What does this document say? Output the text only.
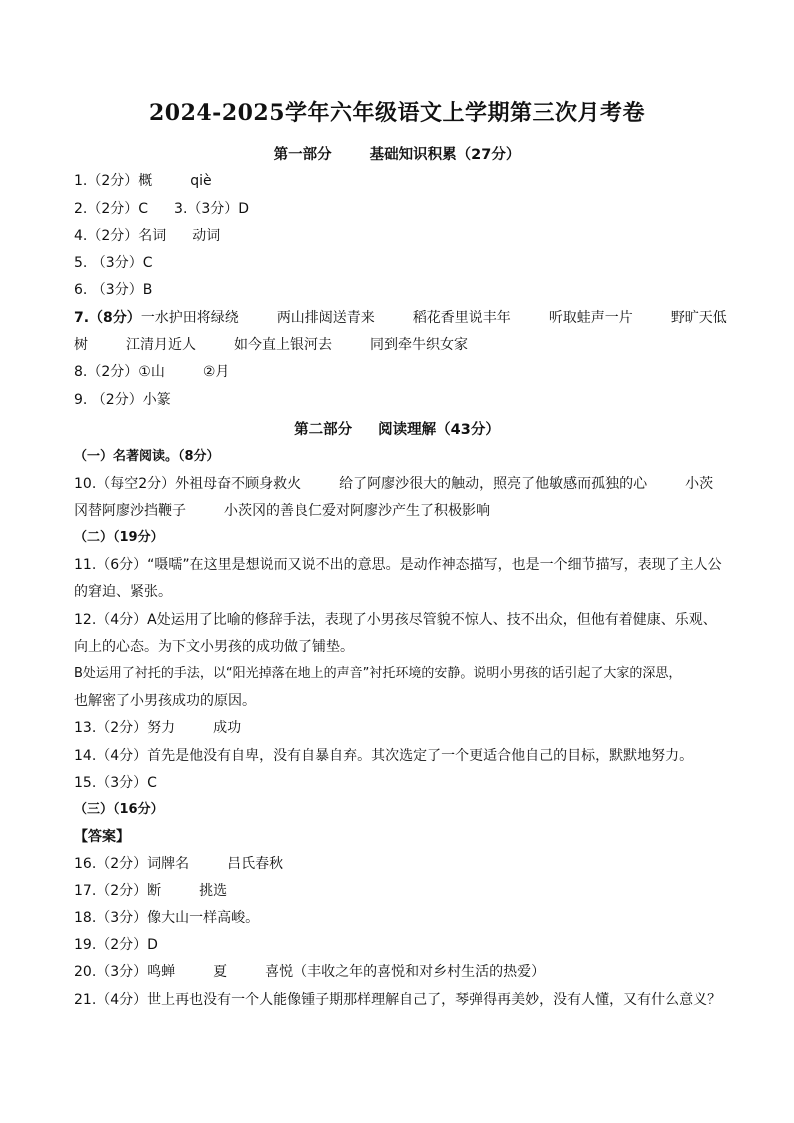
2024-2025学年六年级语文上学期第三次月考卷
第一部分	基础知识积累（27分）
1.（2分）概	qiè
2.（2分）C 3.（3分）D
4.（2分）名词 动词
5. （3分）C
6. （3分）B
7.（8分）一水护田将绿绕	两山排闼送青来	稻花香里说丰年	听取蛙声一片	野旷天低
树	江清月近人	如今直上银河去	同到牵牛织女家
8.（2分）①山	②月
9. （2分）小篆
第二部分 阅读理解（43分）
（一）名著阅读。（8分）
10.（每空2分）外祖母奋不顾身救火	给了阿廖沙很大的触动，照亮了他敏感而孤独的心	小茨
冈替阿廖沙挡鞭子	小茨冈的善良仁爱对阿廖沙产生了积极影响
（二）（19分）
11.（6分）“嗫嚅”在这里是想说而又说不出的意思。是动作神态描写，也是一个细节描写，表现了主人公
的窘迫、紧张。
12.（4分）A处运用了比喻的修辞手法，表现了小男孩尽管貌不惊人、技不出众，但他有着健康、乐观、
向上的心态。为下文小男孩的成功做了铺垫。
B处运用了衬托的手法，以“阳光掉落在地上的声音”衬托环境的安静。说明小男孩的话引起了大家的深思，
也解密了小男孩成功的原因。
13.（2分）努力	成功
14.（4分）首先是他没有自卑，没有自暴自弃。其次选定了一个更适合他自己的目标，默默地努力。
15.（3分）C
（三）（16分）
【答案】
16.（2分）词牌名	吕氏春秋
17.（2分）断	挑选
18.（3分）像大山一样高峻。
19.（2分）D
20.（3分）鸣蝉	夏	喜悦（丰收之年的喜悦和对乡村生活的热爱）
21.（4分）世上再也没有一个人能像锺子期那样理解自己了，琴弹得再美妙，没有人懂，又有什么意义？
